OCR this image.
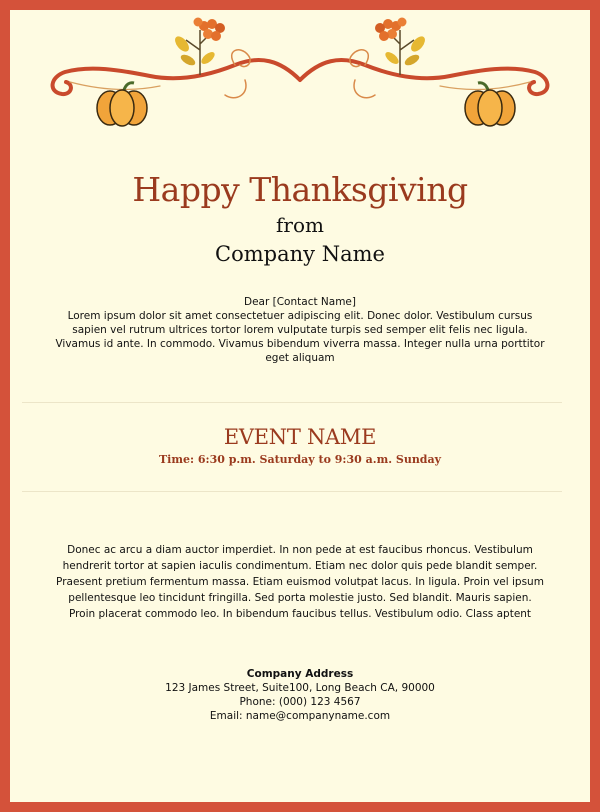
Happy Thanksgiving
from
Company Name
Dear [Contact Name]
Lorem ipsum dolor sit amet consectetuer adipiscing elit. Donec dolor. Vestibulum cursus sapien vel rutrum ultrices tortor lorem vulputate turpis sed semper elit felis nec ligula. Vivamus id ante. In commodo. Vivamus bibendum viverra massa. Integer nulla urna porttitor eget aliquam
EVENT NAME
Time: 6:30 p.m. Saturday to 9:30 a.m. Sunday
Donec ac arcu a diam auctor imperdiet. In non pede at est faucibus rhoncus. Vestibulum hendrerit tortor at sapien iaculis condimentum. Etiam nec dolor quis pede blandit semper. Praesent pretium fermentum massa. Etiam euismod volutpat lacus. In ligula. Proin vel ipsum pellentesque leo tincidunt fringilla. Sed porta molestie justo. Sed blandit. Mauris sapien. Proin placerat commodo leo. In bibendum faucibus tellus. Vestibulum odio. Class aptent
Company Address
123 James Street, Suite100, Long Beach CA, 90000
Phone: (000) 123 4567
Email: name@companyname.com
